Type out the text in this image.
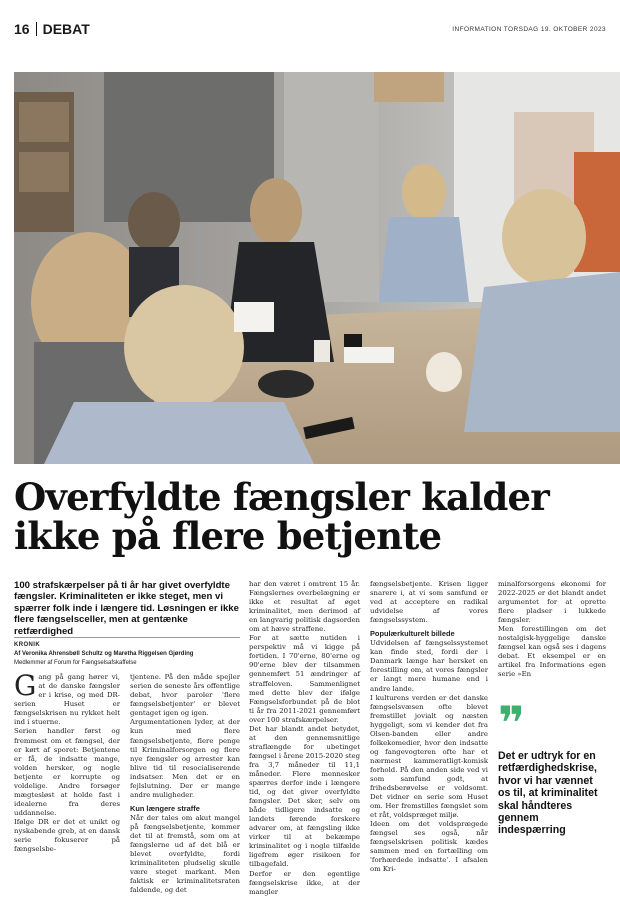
16 DEBAT	INFORMATION TORSDAG 19. OKTOBER 2023
Overfyldte fængsler kalder ikke på flere betjente

100 strafskærpelser på ti år har givet overfyldte fængsler. Kriminaliteten er ikke steget, men vi spærrer folk inde i længere tid. Løsningen er ikke flere fængselsceller, men at gentænke retfærdighed

KRONIK
Af Veronika Ahrensbøll Schultz og Maretha Riggelsen Gjørding
Medlemmer af Forum for Fængselsafskaffelse

Gang på gang hører vi, at de danske fængsler er i krise, og med DR-serien Huset er fængselskrisen nu rykket helt ind i stuerne.

Serien handler først og fremmest om et fængsel, der er kørt af sporet: Betjentene er få, de indsatte mange, volden hersker, og nogle betjente er korrupte og voldelige. Andre forsøger mægtesløst at holde fast i idealerne fra deres uddannelse.

Ifølge DR er det et unikt og nyskabende greb, at en dansk serie fokuserer på fængselsbe-

tjentene. På den måde spejler serien de seneste års offentlige debat, hvor paroler 'flere fængselsbetjenter' er blevet gentaget igen og igen.

Argumentationen lyder, at der kun med flere fængselsbetjente, flere penge til Kriminalforsorgen og flere nye fængsler og arrester kan blive tid til resocialiserende indsatser. Men det er en fejlslutning. Der er mange andre muligheder.

Kun længere straffe

Når der tales om akut mangel på fængselsbetjente, kommer det til at fremstå, som om at fængslerne ud af det blå er blevet overfyldte, fordi kriminaliteten pludselig skulle være steget markant. Men faktisk er kriminalitetsraten faldende, og det

har den været i omtrent 15 år. Fængslernes overbelægning er ikke et resultat af øget kriminalitet, men derimod af en langvarig politisk dagsorden om at hæve straffene.

For at sætte nutiden i perspektiv må vi kigge på fortiden. I 70'erne, 80'erne og 90'erne blev der tilsammen gennemført 51 ændringer af straffeloven. Sammenlignet med dette blev der ifølge Fængselsforbundet på de blot ti år fra 2011-2021 gennemført over 100 strafskærpelser.

Det har blandt andet betydet, at den gennemsnitlige straflængde for ubetinget fængsel i årene 2015-2020 steg fra 3,7 måneder til 11,1 måneder. Flere mennesker spærres derfor inde i længere tid, og det giver overfyldte fængsler. Det sker, selv om både tidligere indsatte og landets førende forskere advarer om, at fængsling ikke virker til at bekæmpe kriminalitet og i nogle tilfælde ligefrem øger risikoen for tilbagefald.

Derfor er den egentlige fængselskrise ikke, at der mangler

fængselsbetjente. Krisen ligger snarere i, at vi som samfund er ved at acceptere en radikal udvidelse af vores fængselssystem.

Populærkulturelt billede

Udvidelsen af fængselssystemet kan finde sted, fordi der i Danmark længe har hersket en forestilling om, at vores fængsler er langt mere humane end i andre lande.

I kulturens verden er det danske fængselsvæsen ofte blevet fremstillet jovialt og næsten hyggeligt, som vi kender det fra Olsen-banden eller andre folkekomedier, hvor den indsatte og fangevogteren ofte har et nærmest kammeratligt-komisk forhold. På den anden side ved vi som samfund godt, at frihedsberøvelse er voldsomt. Det vidner en serie som Huset om. Her fremstilles fængslet som et råt, voldspræget miljø.

Ideen om det voldsprægede fængsel ses også, når fængselskrisen politisk kædes sammen med en fortælling om 'forhærdede indsatte'. I afsalen om Kri-

minalforsorgens økonomi for 2022-2025 er det blandt andet argumentet for at oprette flere pladser i lukkede fængsler.

Men forestillingen om det nostalgisk-hyggelige danske fængsel kan også ses i dagens debat. Et eksempel er en artikel fra Informations egen serie »En

❞
Det er udtryk for en retfærdighedskrise, hvor vi har vænnet os til, at kriminalitet skal håndteres gennem indespærring
